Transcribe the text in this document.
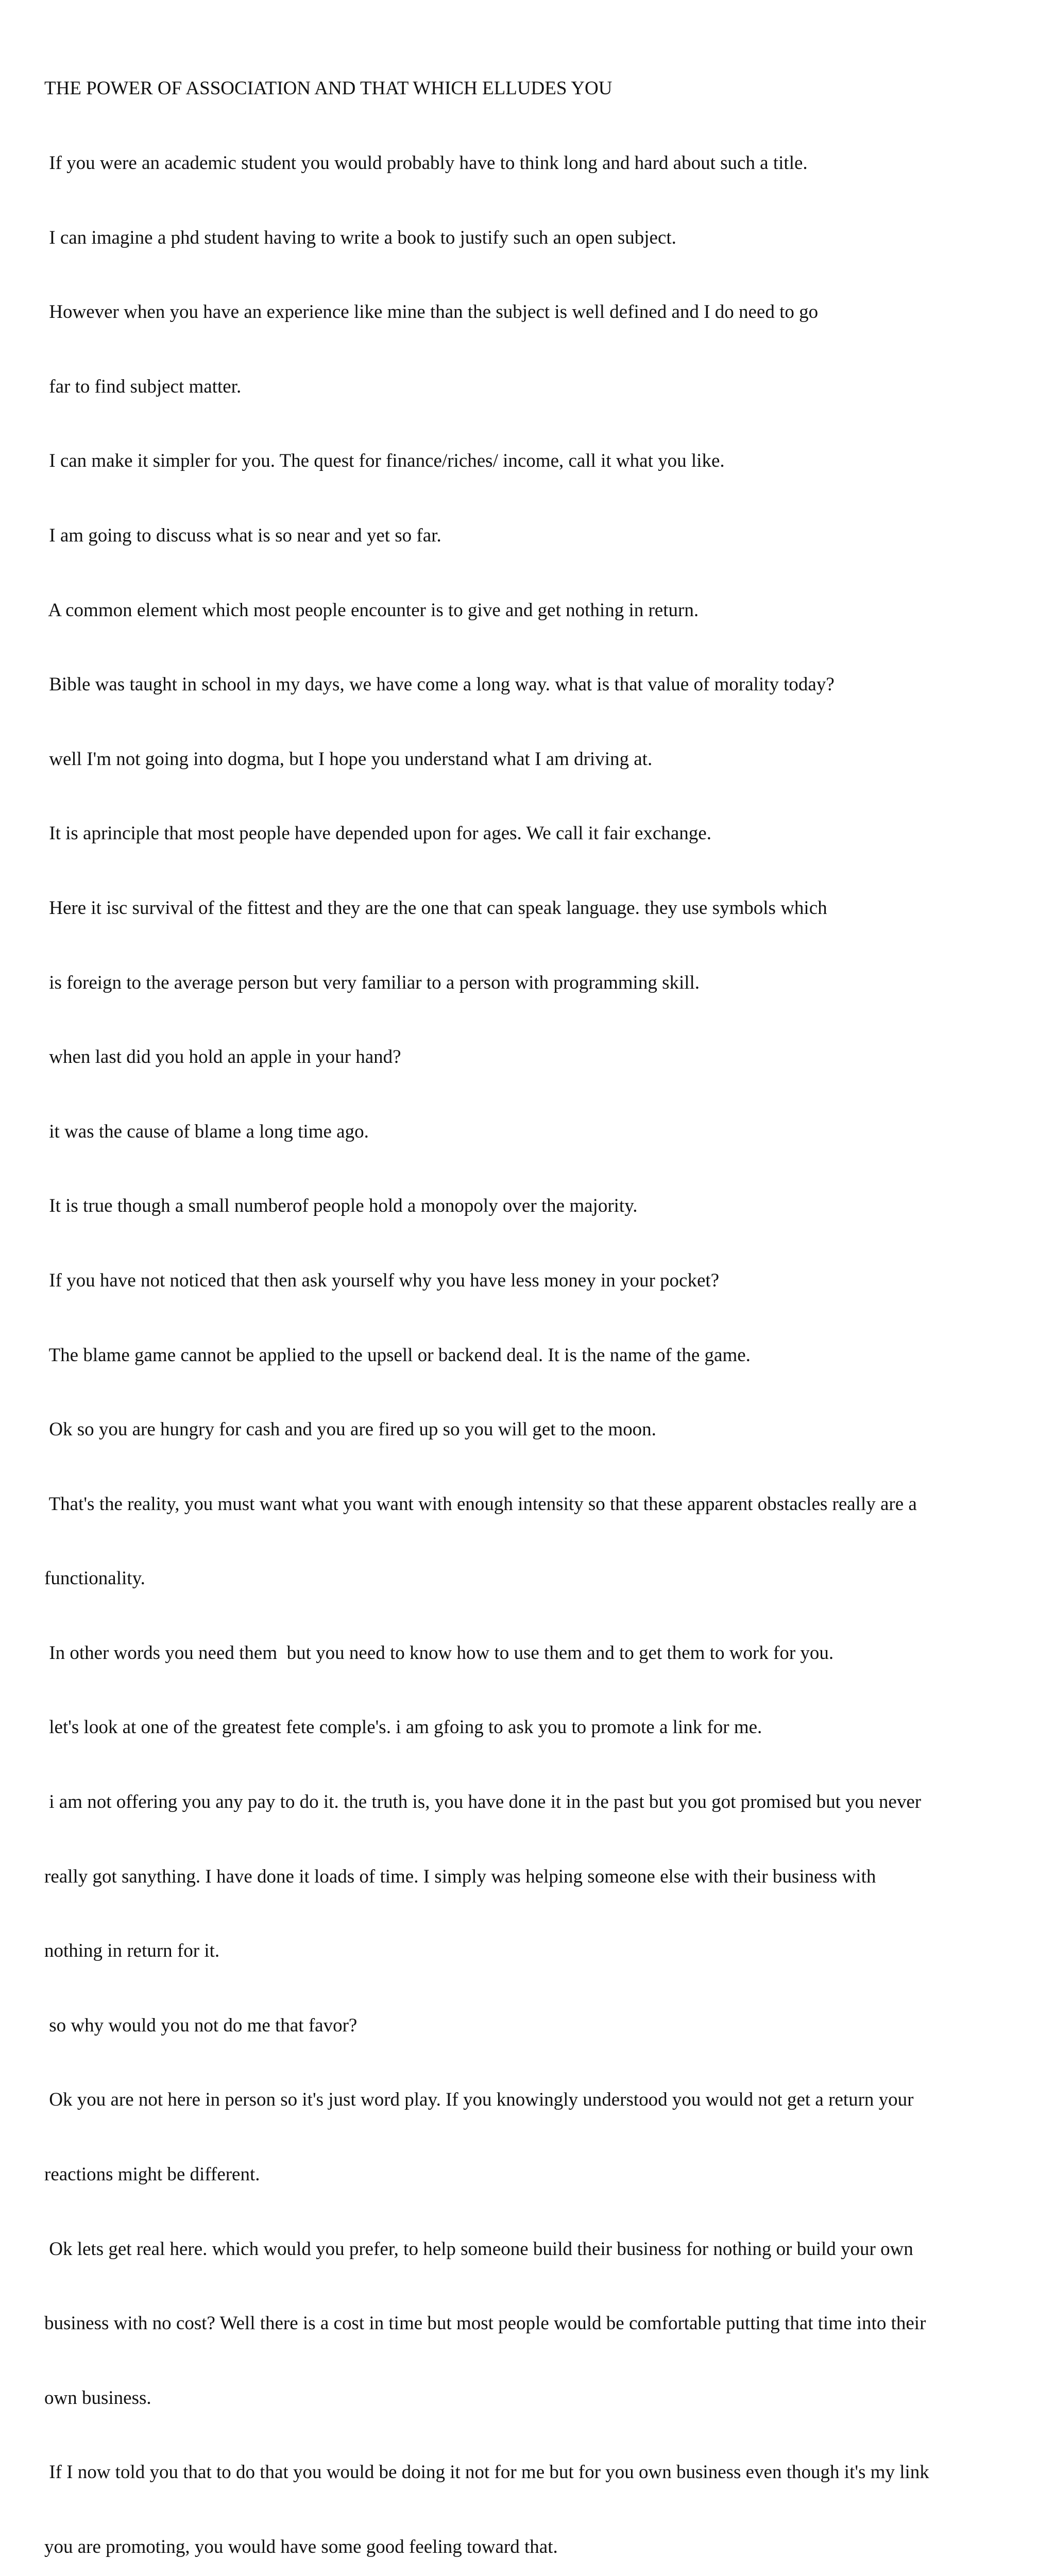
THE POWER OF ASSOCIATION AND THAT WHICH ELLUDES YOU

If you were an academic student you would probably have to think long and hard about such a title.

I can imagine a phd student having to write a book to justify such an open subject.

However when you have an experience like mine than the subject is well defined and I do need to go

far to find subject matter.

I can make it simpler for you. The quest for finance/riches/ income, call it what you like.

I am going to discuss what is so near and yet so far.

A common element which most people encounter is to give and get nothing in return.

Bible was taught in school in my days, we have come a long way. what is that value of morality today?

well I'm not going into dogma, but I hope you understand what I am driving at.

It is aprinciple that most people have depended upon for ages. We call it fair exchange.

Here it isc survival of the fittest and they are the one that can speak language. they use symbols which

is foreign to the average person but very familiar to a person with programming skill.

when last did you hold an apple in your hand?

it was the cause of blame a long time ago.

It is true though a small numberof people hold a monopoly over the majority.

If you have not noticed that then ask yourself why you have less money in your pocket?

The blame game cannot be applied to the upsell or backend deal. It is the name of the game.

Ok so you are hungry for cash and you are fired up so you will get to the moon.

That's the reality, you must want what you want with enough intensity so that these apparent obstacles really are a

functionality.

In other words you need them  but you need to know how to use them and to get them to work for you.

let's look at one of the greatest fete comple's. i am gfoing to ask you to promote a link for me.

i am not offering you any pay to do it. the truth is, you have done it in the past but you got promised but you never

really got sanything. I have done it loads of time. I simply was helping someone else with their business with

nothing in return for it.

so why would you not do me that favor?

Ok you are not here in person so it's just word play. If you knowingly understood you would not get a return your

reactions might be different.

Ok lets get real here. which would you prefer, to help someone build their business for nothing or build your own

business with no cost? Well there is a cost in time but most people would be comfortable putting that time into their

own business.

If I now told you that to do that you would be doing it not for me but for you own business even though it's my link

you are promoting, you would have some good feeling toward that.
